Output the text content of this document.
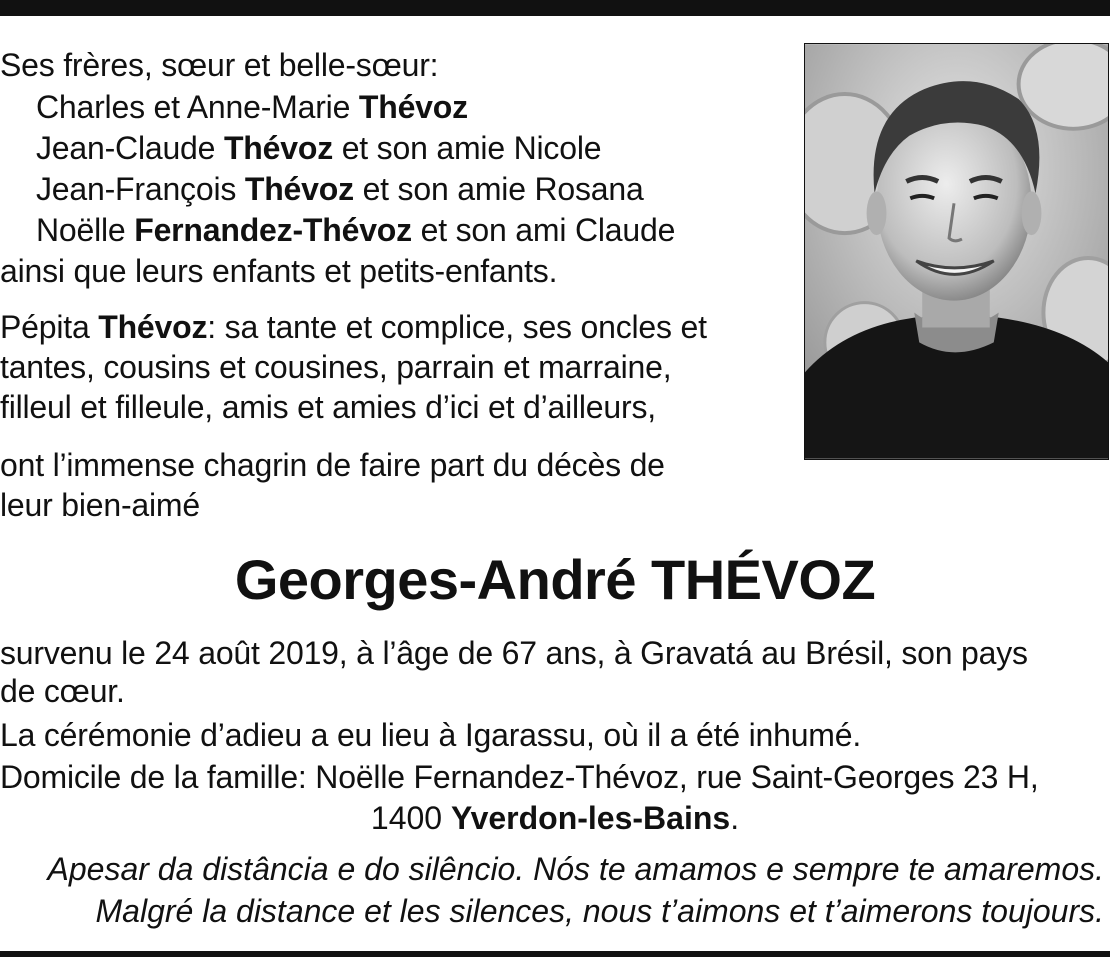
Ses frères, sœur et belle-sœur:
Charles et Anne-Marie Thévoz
Jean-Claude Thévoz et son amie Nicole
Jean-François Thévoz et son amie Rosana
Noëlle Fernandez-Thévoz et son ami Claude
ainsi que leurs enfants et petits-enfants.
Pépita Thévoz: sa tante et complice, ses oncles et
tantes, cousins et cousines, parrain et marraine,
filleul et filleule, amis et amies d’ici et d’ailleurs,
ont l’immense chagrin de faire part du décès de
leur bien-aimé
Georges-André THÉVOZ
survenu le 24 août 2019, à l’âge de 67 ans, à Gravatá au Brésil, son pays
de cœur.
La cérémonie d’adieu a eu lieu à Igarassu, où il a été inhumé.
Domicile de la famille: Noëlle Fernandez-Thévoz, rue Saint-Georges 23 H,
1400 Yverdon-les-Bains.
Apesar da distância e do silêncio. Nós te amamos e sempre te amaremos.
Malgré la distance et les silences, nous t’aimons et t’aimerons toujours.
